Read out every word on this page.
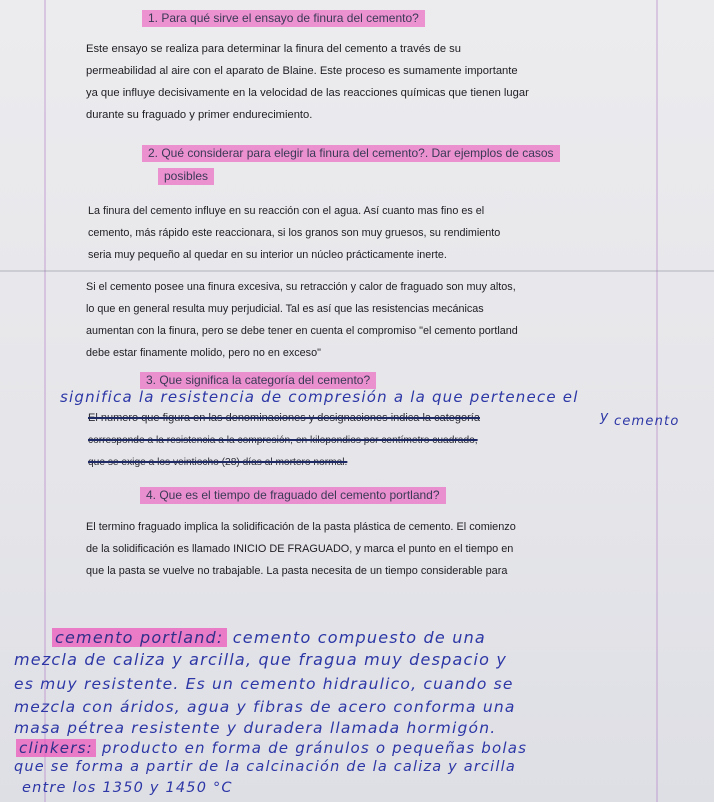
1. Para qué sirve el ensayo de finura del cemento?
Este ensayo se realiza para determinar la finura del cemento a través de su
permeabilidad al aire con el aparato de Blaine. Este proceso es sumamente importante
ya que influye decisivamente en la velocidad de las reacciones químicas que tienen lugar
durante su fraguado y primer endurecimiento.
2. Qué considerar para elegir la finura del cemento?. Dar ejemplos de casos
posibles
La finura del cemento influye en su reacción con el agua. Así cuanto mas fino es el
cemento, más rápido este reaccionara, si los granos son muy gruesos, su rendimiento
seria muy pequeño al quedar en su interior un núcleo prácticamente inerte.
Si el cemento posee una finura excesiva, su retracción y calor de fraguado son muy altos,
lo que en general resulta muy perjudicial. Tal es así que las resistencias mecánicas
aumentan con la finura, pero se debe tener en cuenta el compromiso "el cemento portland
debe estar finamente molido, pero no en exceso"
3. Que significa la categoría del cemento?
significa la resistencia de compresión a la que pertenece el
El numero que figura en las denominaciones y designaciones indica la categoría	y cemento
corresponde a la resistencia a la compresión, en kilopondios por centímetro cuadrado,
que se exige a los veintiocho (28) días al mortero normal.
4. Que es el tiempo de fraguado del cemento portland?
El termino fraguado implica la solidificación de la pasta plástica de cemento. El comienzo
de la solidificación es llamado INICIO DE FRAGUADO, y marca el punto en el tiempo en
que la pasta se vuelve no trabajable. La pasta necesita de un tiempo considerable para
cemento portland: cemento compuesto de una
mezcla de caliza y arcilla, que fragua muy despacio y
es muy resistente. Es un cemento hidraulico, cuando se
mezcla con áridos, agua y fibras de acero conforma una
masa pétrea resistente y duradera llamada hormigón.
clinkers: producto en forma de gránulos o pequeñas bolas
que se forma a partir de la calcinación de la caliza y arcilla
entre los 1350 y 1450 °C
